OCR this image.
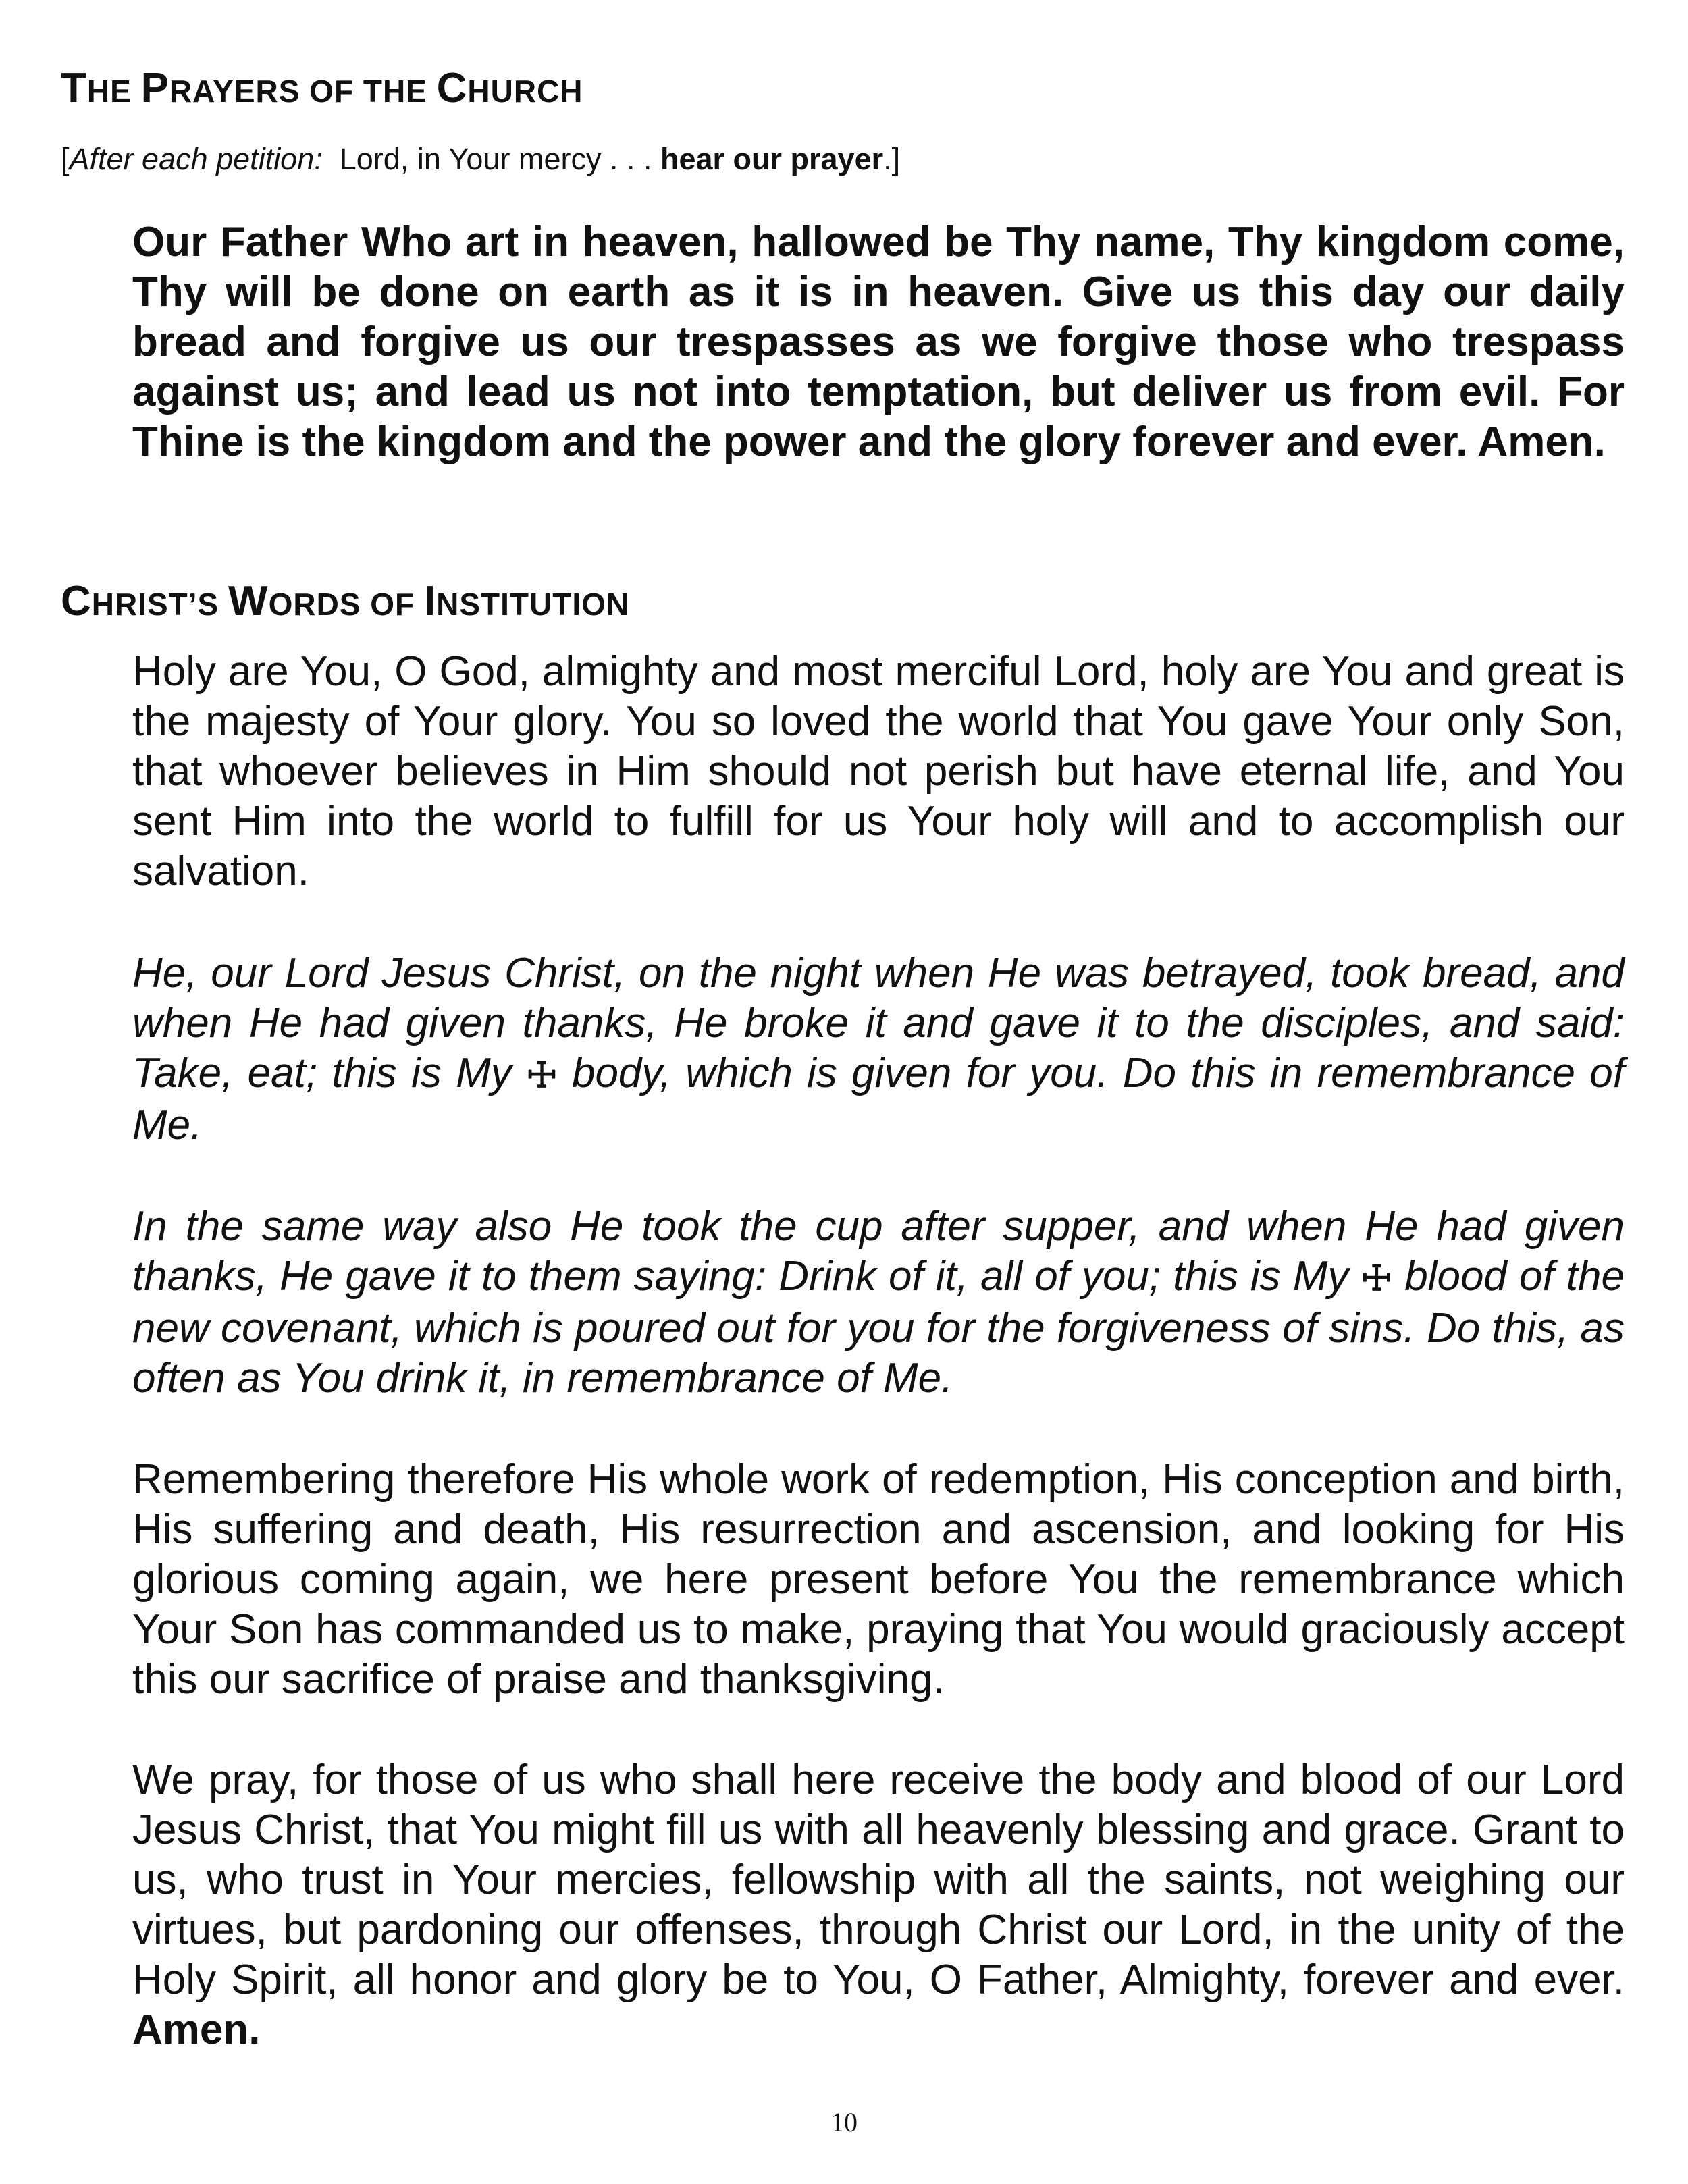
THE PRAYERS OF THE CHURCH
[After each petition:  Lord, in Your mercy . . . hear our prayer.]

Our Father Who art in heaven, hallowed be Thy name, Thy kingdom come, Thy will be done on earth as it is in heaven. Give us this day our daily bread and forgive us our trespasses as we forgive those who trespass against us; and lead us not into temptation, but deliver us from evil. For Thine is the kingdom and the power and the glory forever and ever. Amen.

CHRIST’S WORDS OF INSTITUTION

Holy are You, O God, almighty and most merciful Lord, holy are You and great is the majesty of Your glory. You so loved the world that You gave Your only Son, that whoever believes in Him should not perish but have eternal life, and You sent Him into the world to fulfill for us Your holy will and to accomplish our salvation.

He, our Lord Jesus Christ, on the night when He was betrayed, took bread, and when He had given thanks, He broke it and gave it to the disciples, and said: Take, eat; this is My ☩ body, which is given for you. Do this in remembrance of Me.

In the same way also He took the cup after supper, and when He had given thanks, He gave it to them saying: Drink of it, all of you; this is My ☩ blood of the new covenant, which is poured out for you for the forgiveness of sins. Do this, as often as You drink it, in remembrance of Me.

Remembering therefore His whole work of redemption, His conception and birth, His suffering and death, His resurrection and ascension, and looking for His glorious coming again, we here present before You the remembrance which Your Son has commanded us to make, praying that You would graciously accept this our sacrifice of praise and thanksgiving.

We pray, for those of us who shall here receive the body and blood of our Lord Jesus Christ, that You might fill us with all heavenly blessing and grace. Grant to us, who trust in Your mercies, fellowship with all the saints, not weighing our virtues, but pardoning our offenses, through Christ our Lord, in the unity of the Holy Spirit, all honor and glory be to You, O Father, Almighty, forever and ever. Amen.

10
